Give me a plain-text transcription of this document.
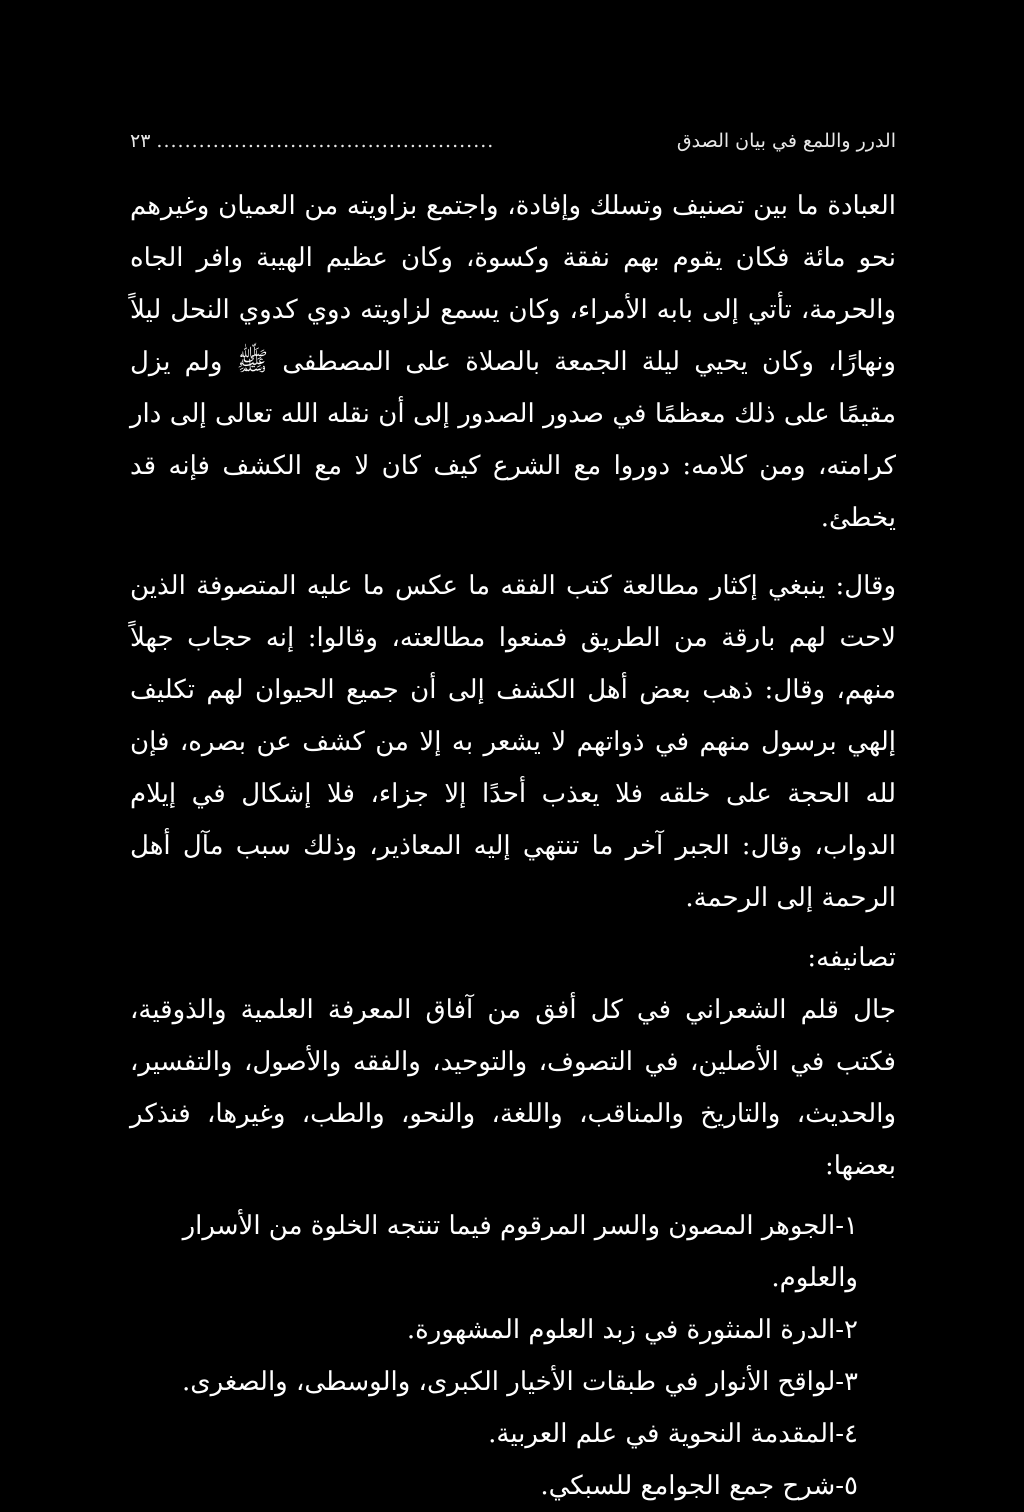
الدرر واللمع في بيان الصدق
................................................
٢٣

العبادة ما بين تصنيف وتسلك وإفادة، واجتمع بزاويته من العميان وغيرهم نحو مائة فكان يقوم بهم نفقة وكسوة، وكان عظيم الهيبة وافر الجاه والحرمة، تأتي إلى بابه الأمراء، وكان يسمع لزاويته دوي كدوي النحل ليلاً ونهارًا، وكان يحيي ليلة الجمعة بالصلاة على المصطفى ﷺ ولم يزل مقيمًا على ذلك معظمًا في صدور الصدور إلى أن نقله الله تعالى إلى دار كرامته، ومن كلامه: دوروا مع الشرع كيف كان لا مع الكشف فإنه قد يخطئ.

وقال: ينبغي إكثار مطالعة كتب الفقه ما عكس ما عليه المتصوفة الذين لاحت لهم بارقة من الطريق فمنعوا مطالعته، وقالوا: إنه حجاب جهلاً منهم، وقال: ذهب بعض أهل الكشف إلى أن جميع الحيوان لهم تكليف إلهي برسول منهم في ذواتهم لا يشعر به إلا من كشف عن بصره، فإن لله الحجة على خلقه فلا يعذب أحدًا إلا جزاء، فلا إشكال في إيلام الدواب، وقال: الجبر آخر ما تنتهي إليه المعاذير، وذلك سبب مآل أهل الرحمة إلى الرحمة.

تصانيفه:

جال قلم الشعراني في كل أفق من آفاق المعرفة العلمية والذوقية، فكتب في الأصلين، في التصوف، والتوحيد، والفقه والأصول، والتفسير، والحديث، والتاريخ والمناقب، واللغة، والنحو، والطب، وغيرها، فنذكر بعضها:

١-الجوهر المصون والسر المرقوم فيما تنتجه الخلوة من الأسرار والعلوم.
٢-الدرة المنثورة في زبد العلوم المشهورة.
٣-لواقح الأنوار في طبقات الأخيار الكبرى، والوسطى، والصغرى.
٤-المقدمة النحوية في علم العربية.
٥-شرح جمع الجوامع للسبكي.
